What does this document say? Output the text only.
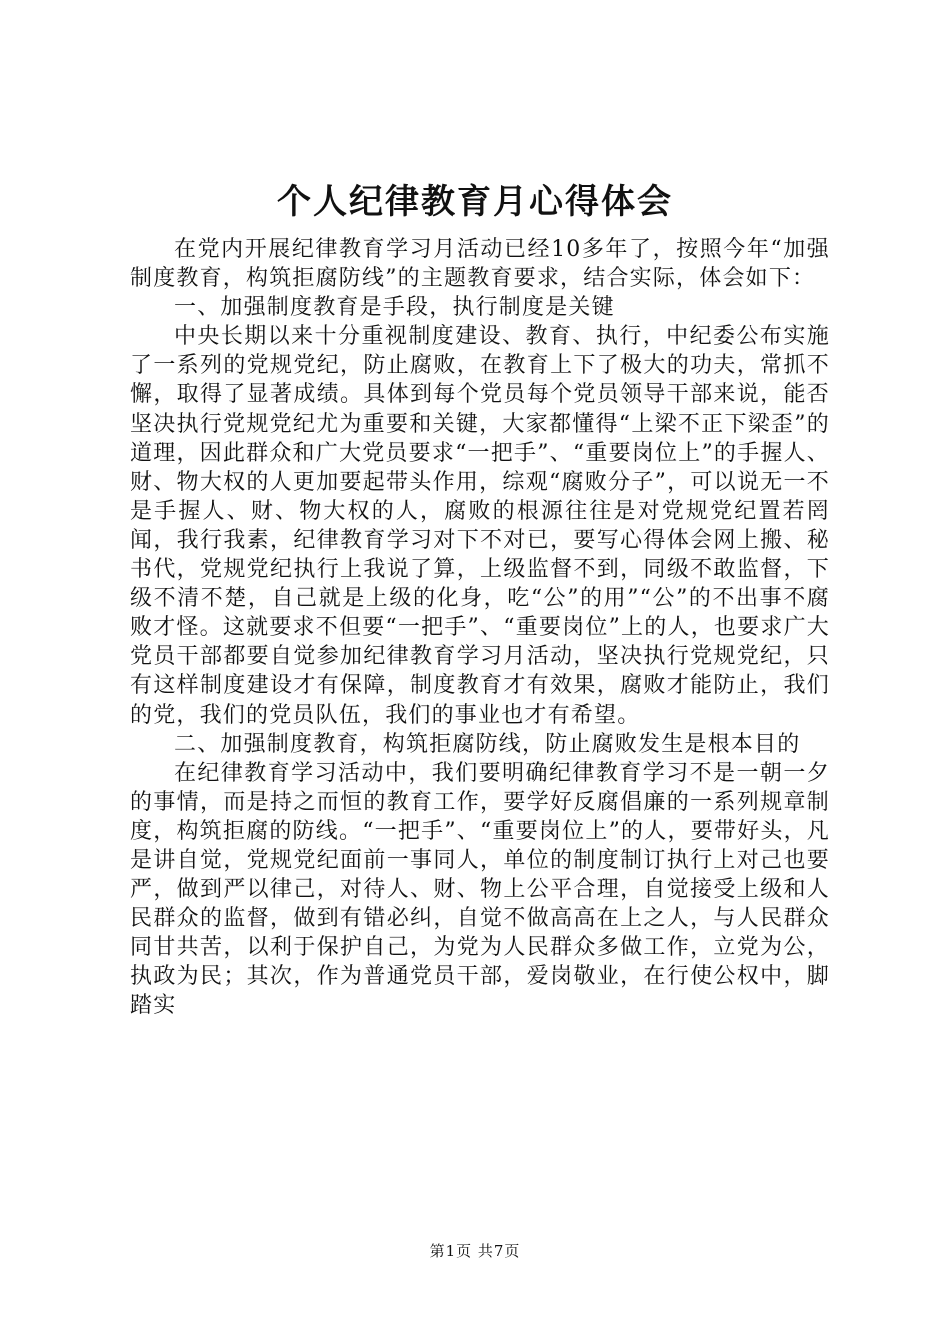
个人纪律教育月心得体会

在党内开展纪律教育学习月活动已经10多年了，按照今年“加强制度教育，构筑拒腐防线”的主题教育要求，结合实际，体会如下：

一、加强制度教育是手段，执行制度是关键

中央长期以来十分重视制度建设、教育、执行，中纪委公布实施了一系列的党规党纪，防止腐败，在教育上下了极大的功夫，常抓不懈，取得了显著成绩。具体到每个党员每个党员领导干部来说，能否坚决执行党规党纪尤为重要和关键，大家都懂得“上梁不正下梁歪”的道理，因此群众和广大党员要求“一把手”、“重要岗位上”的手握人、财、物大权的人更加要起带头作用，综观“腐败分子”，可以说无一不是手握人、财、物大权的人，腐败的根源往往是对党规党纪置若罔闻，我行我素，纪律教育学习对下不对已，要写心得体会网上搬、秘书代，党规党纪执行上我说了算，上级监督不到，同级不敢监督，下级不清不楚，自己就是上级的化身，吃“公”的用”“公”的不出事不腐败才怪。这就要求不但要“一把手”、“重要岗位”上的人，也要求广大党员干部都要自觉参加纪律教育学习月活动，坚决执行党规党纪，只有这样制度建设才有保障，制度教育才有效果，腐败才能防止，我们的党，我们的党员队伍，我们的事业也才有希望。

二、加强制度教育，构筑拒腐防线，防止腐败发生是根本目的

在纪律教育学习活动中，我们要明确纪律教育学习不是一朝一夕的事情，而是持之而恒的教育工作，要学好反腐倡廉的一系列规章制度，构筑拒腐的防线。“一把手”、“重要岗位上”的人，要带好头，凡是讲自觉，党规党纪面前一事同人，单位的制度制订执行上对己也要严，做到严以律己，对待人、财、物上公平合理，自觉接受上级和人民群众的监督，做到有错必纠，自觉不做高高在上之人，与人民群众同甘共苦，以利于保护自己，为党为人民群众多做工作，立党为公，执政为民；其次，作为普通党员干部，爱岗敬业，在行使公权中，脚踏实

第1页 共7页
